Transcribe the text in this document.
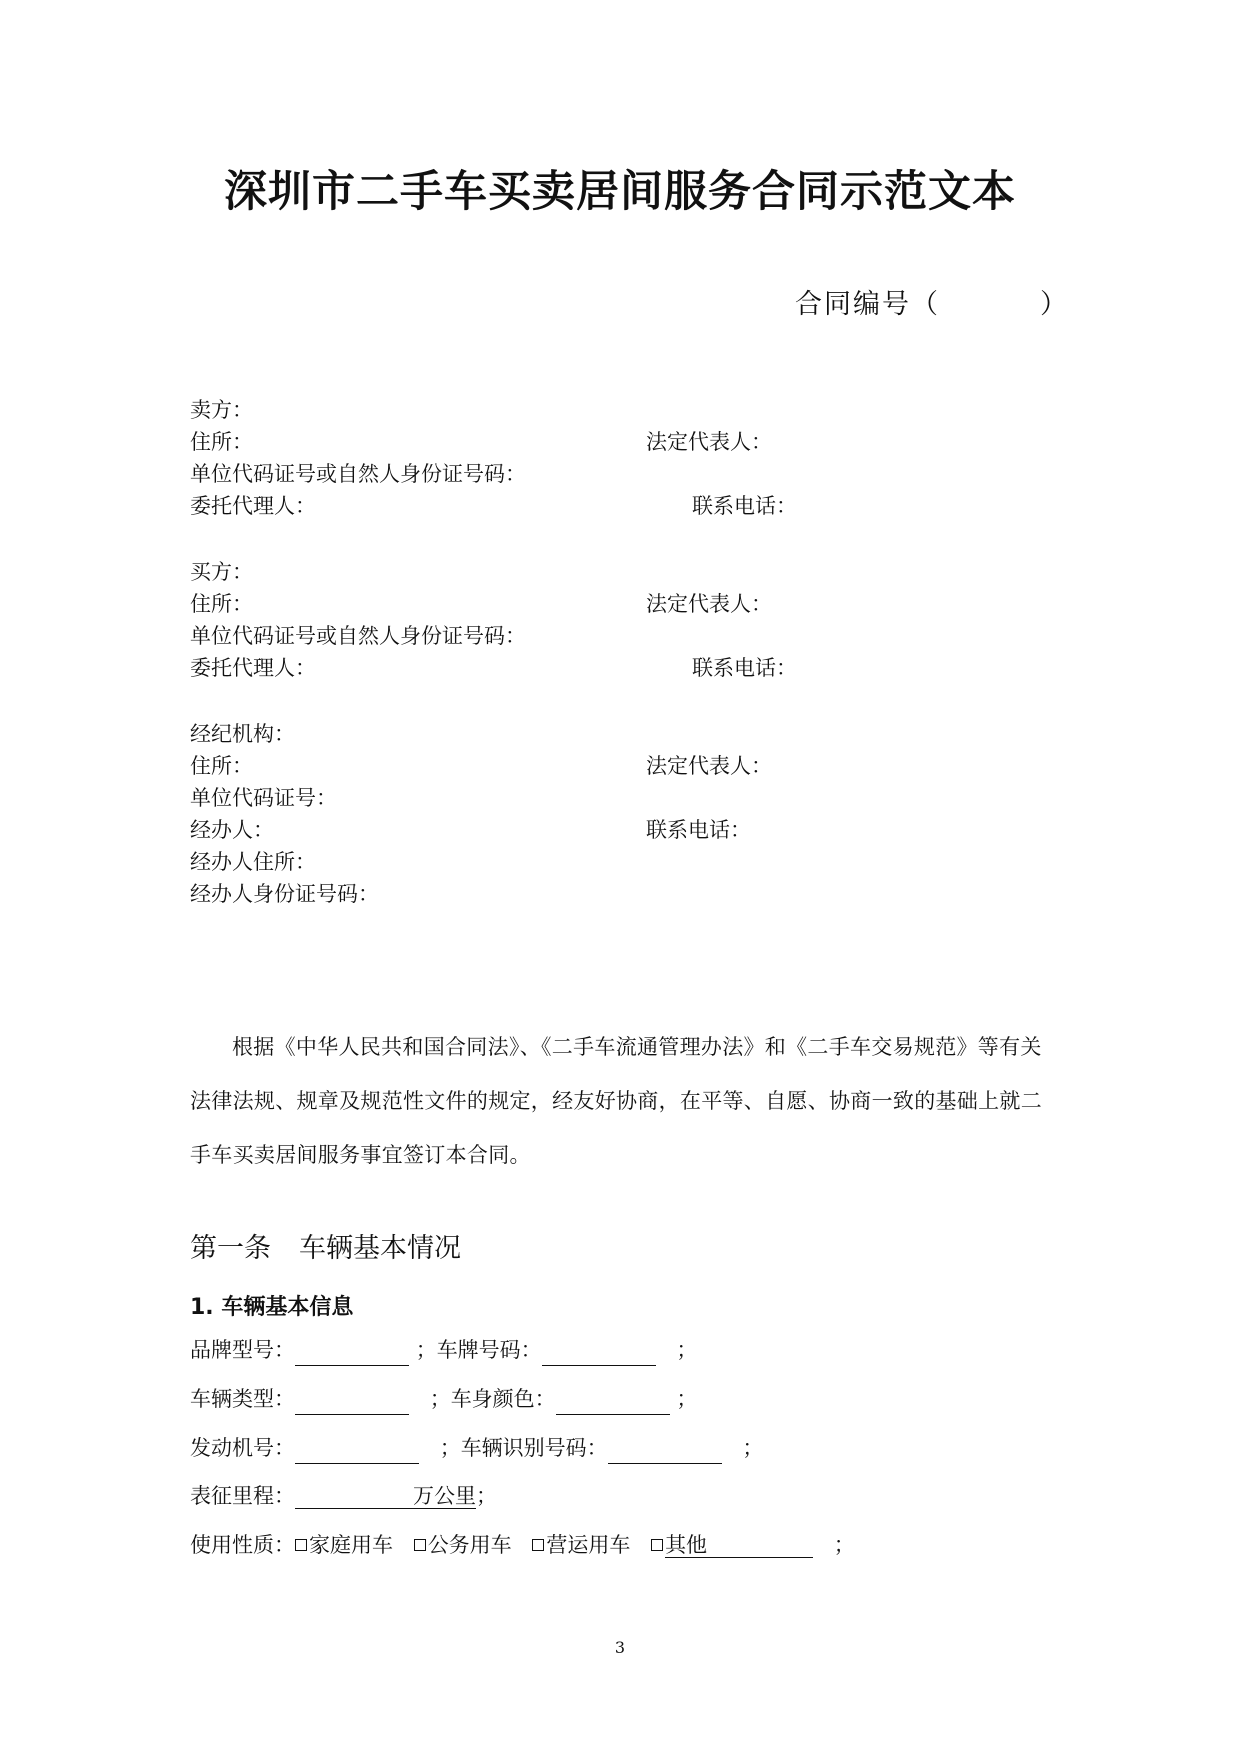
深圳市二手车买卖居间服务合同示范文本
合同编号（	）
卖方：
住所：	法定代表人：
单位代码证号或自然人身份证号码：
委托代理人：	联系电话：
买方：
住所：	法定代表人：
单位代码证号或自然人身份证号码：
委托代理人：	联系电话：
经纪机构：
住所：	法定代表人：
单位代码证号：
经办人：	联系电话：
经办人住所：
经办人身份证号码：
根据《中华人民共和国合同法》、《二手车流通管理办法》和《二手车交易规范》等有关法律法规、规章及规范性文件的规定，经友好协商，在平等、自愿、协商一致的基础上就二手车买卖居间服务事宜签订本合同。
第一条 车辆基本情况
1. 车辆基本信息
品牌型号：	；车牌号码：	；
车辆类型：	；车身颜色：	；
发动机号：	；车辆识别号码：	；
表征里程：	万公里；
使用性质： 家庭用车 公务用车 营运用车 其他	；
3
